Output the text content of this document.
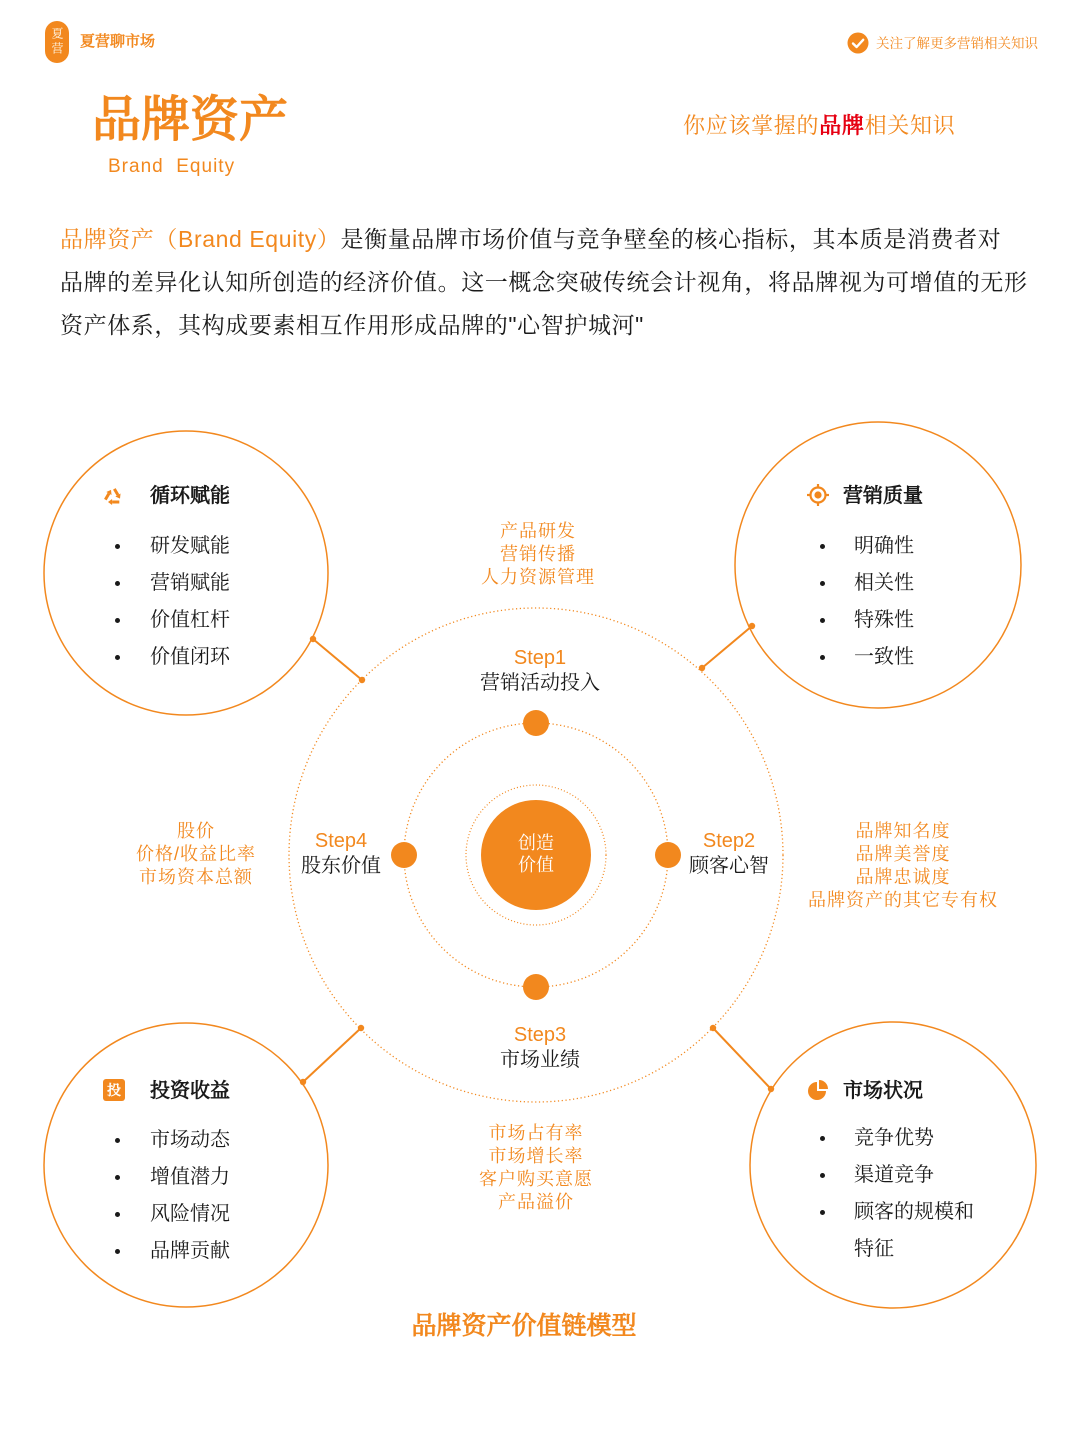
夏营 夏营聊市场	关注了解更多营销相关知识
品牌资产
Brand  Equity
你应该掌握的品牌相关知识
品牌资产（Brand Equity）是衡量品牌市场价值与竞争壁垒的核心指标，其本质是消费者对
品牌的差异化认知所创造的经济价值。这一概念突破传统会计视角，将品牌视为可增值的无形
资产体系，其构成要素相互作用形成品牌的"心智护城河"
创造
价值
Step1
营销活动投入
Step2
顾客心智
Step3
市场业绩
Step4
股东价值
产品研发
营销传播
人力资源管理
品牌知名度
品牌美誉度
品牌忠诚度
品牌资产的其它专有权
市场占有率
市场增长率
客户购买意愿
产品溢价
股价
价格/收益比率
市场资本总额
循环赋能
研发赋能
营销赋能
价值杠杆
价值闭环
营销质量
明确性
相关性
特殊性
一致性
投 投资收益
市场动态
增值潜力
风险情况
品牌贡献
市场状况
竞争优势
渠道竞争
顾客的规模和特征
品牌资产价值链模型
